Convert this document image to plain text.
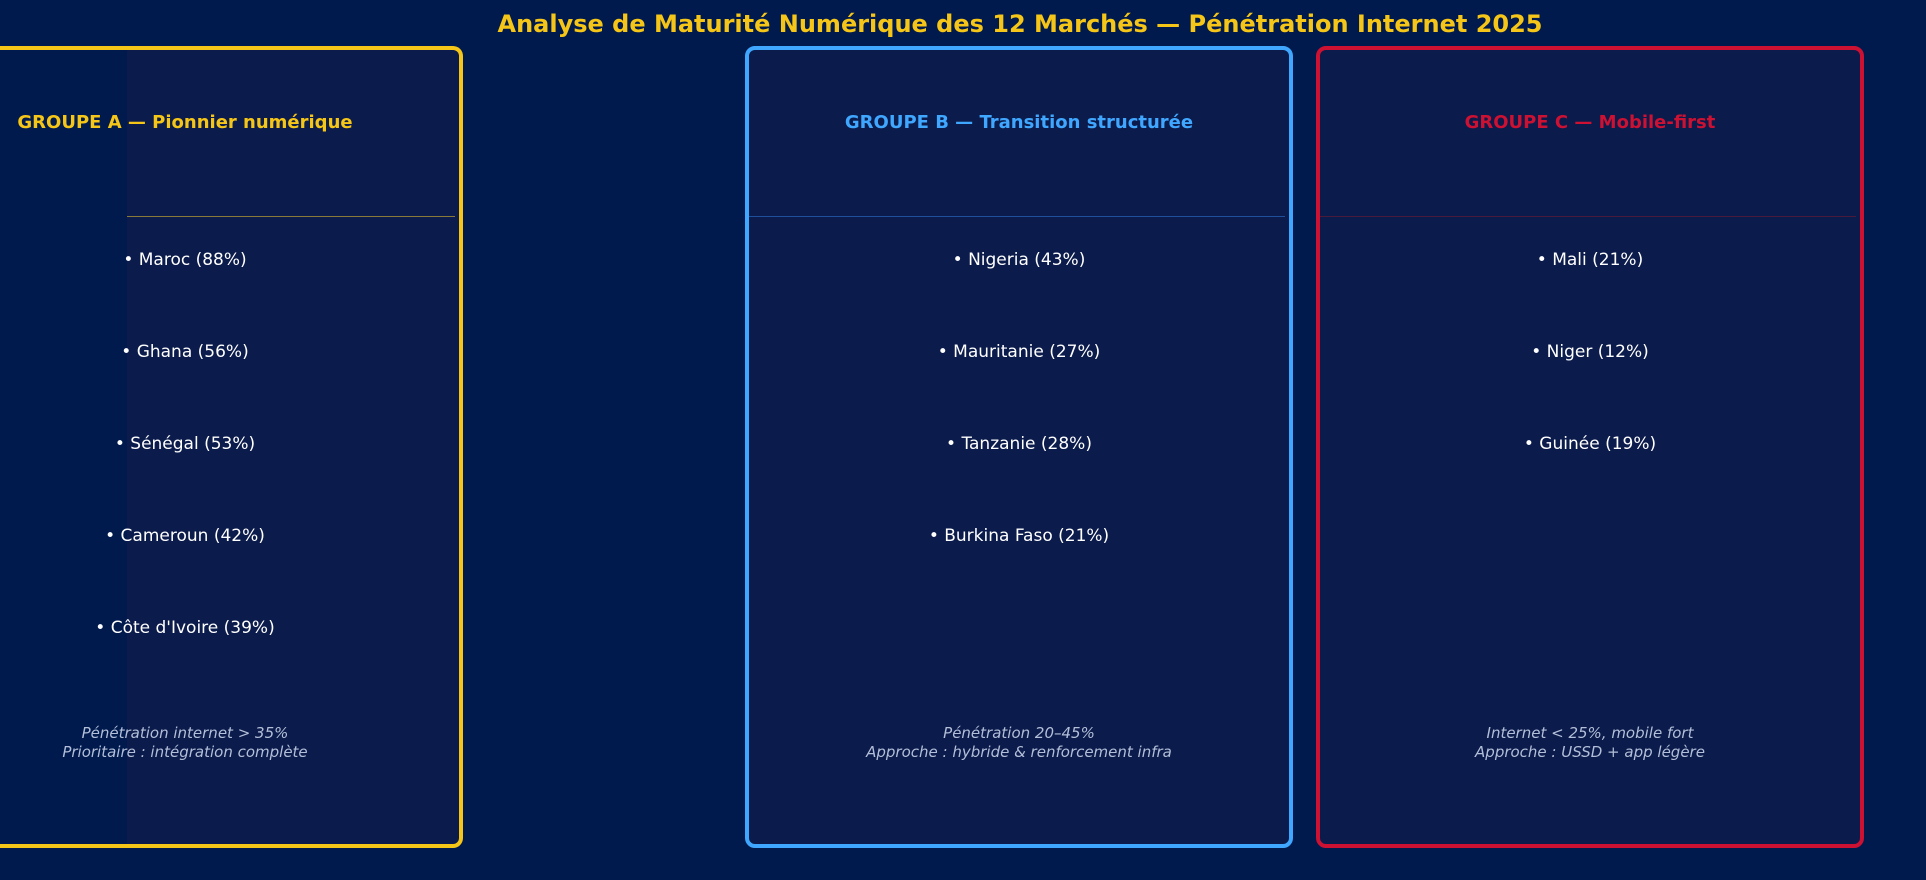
Analyse de Maturité Numérique des 12 Marchés — Pénétration Internet 2025
GROUPE A — Pionnier numérique
• Maroc (88%)
• Ghana (56%)
• Sénégal (53%)
• Cameroun (42%)
• Côte d'Ivoire (39%)
Pénétration internet > 35%
Prioritaire : intégration complète
GROUPE B — Transition structurée
• Nigeria (43%)
• Mauritanie (27%)
• Tanzanie (28%)
• Burkina Faso (21%)
Pénétration 20–45%
Approche : hybride & renforcement infra
GROUPE C — Mobile-first
• Mali (21%)
• Niger (12%)
• Guinée (19%)
Internet < 25%, mobile fort
Approche : USSD + app légère
